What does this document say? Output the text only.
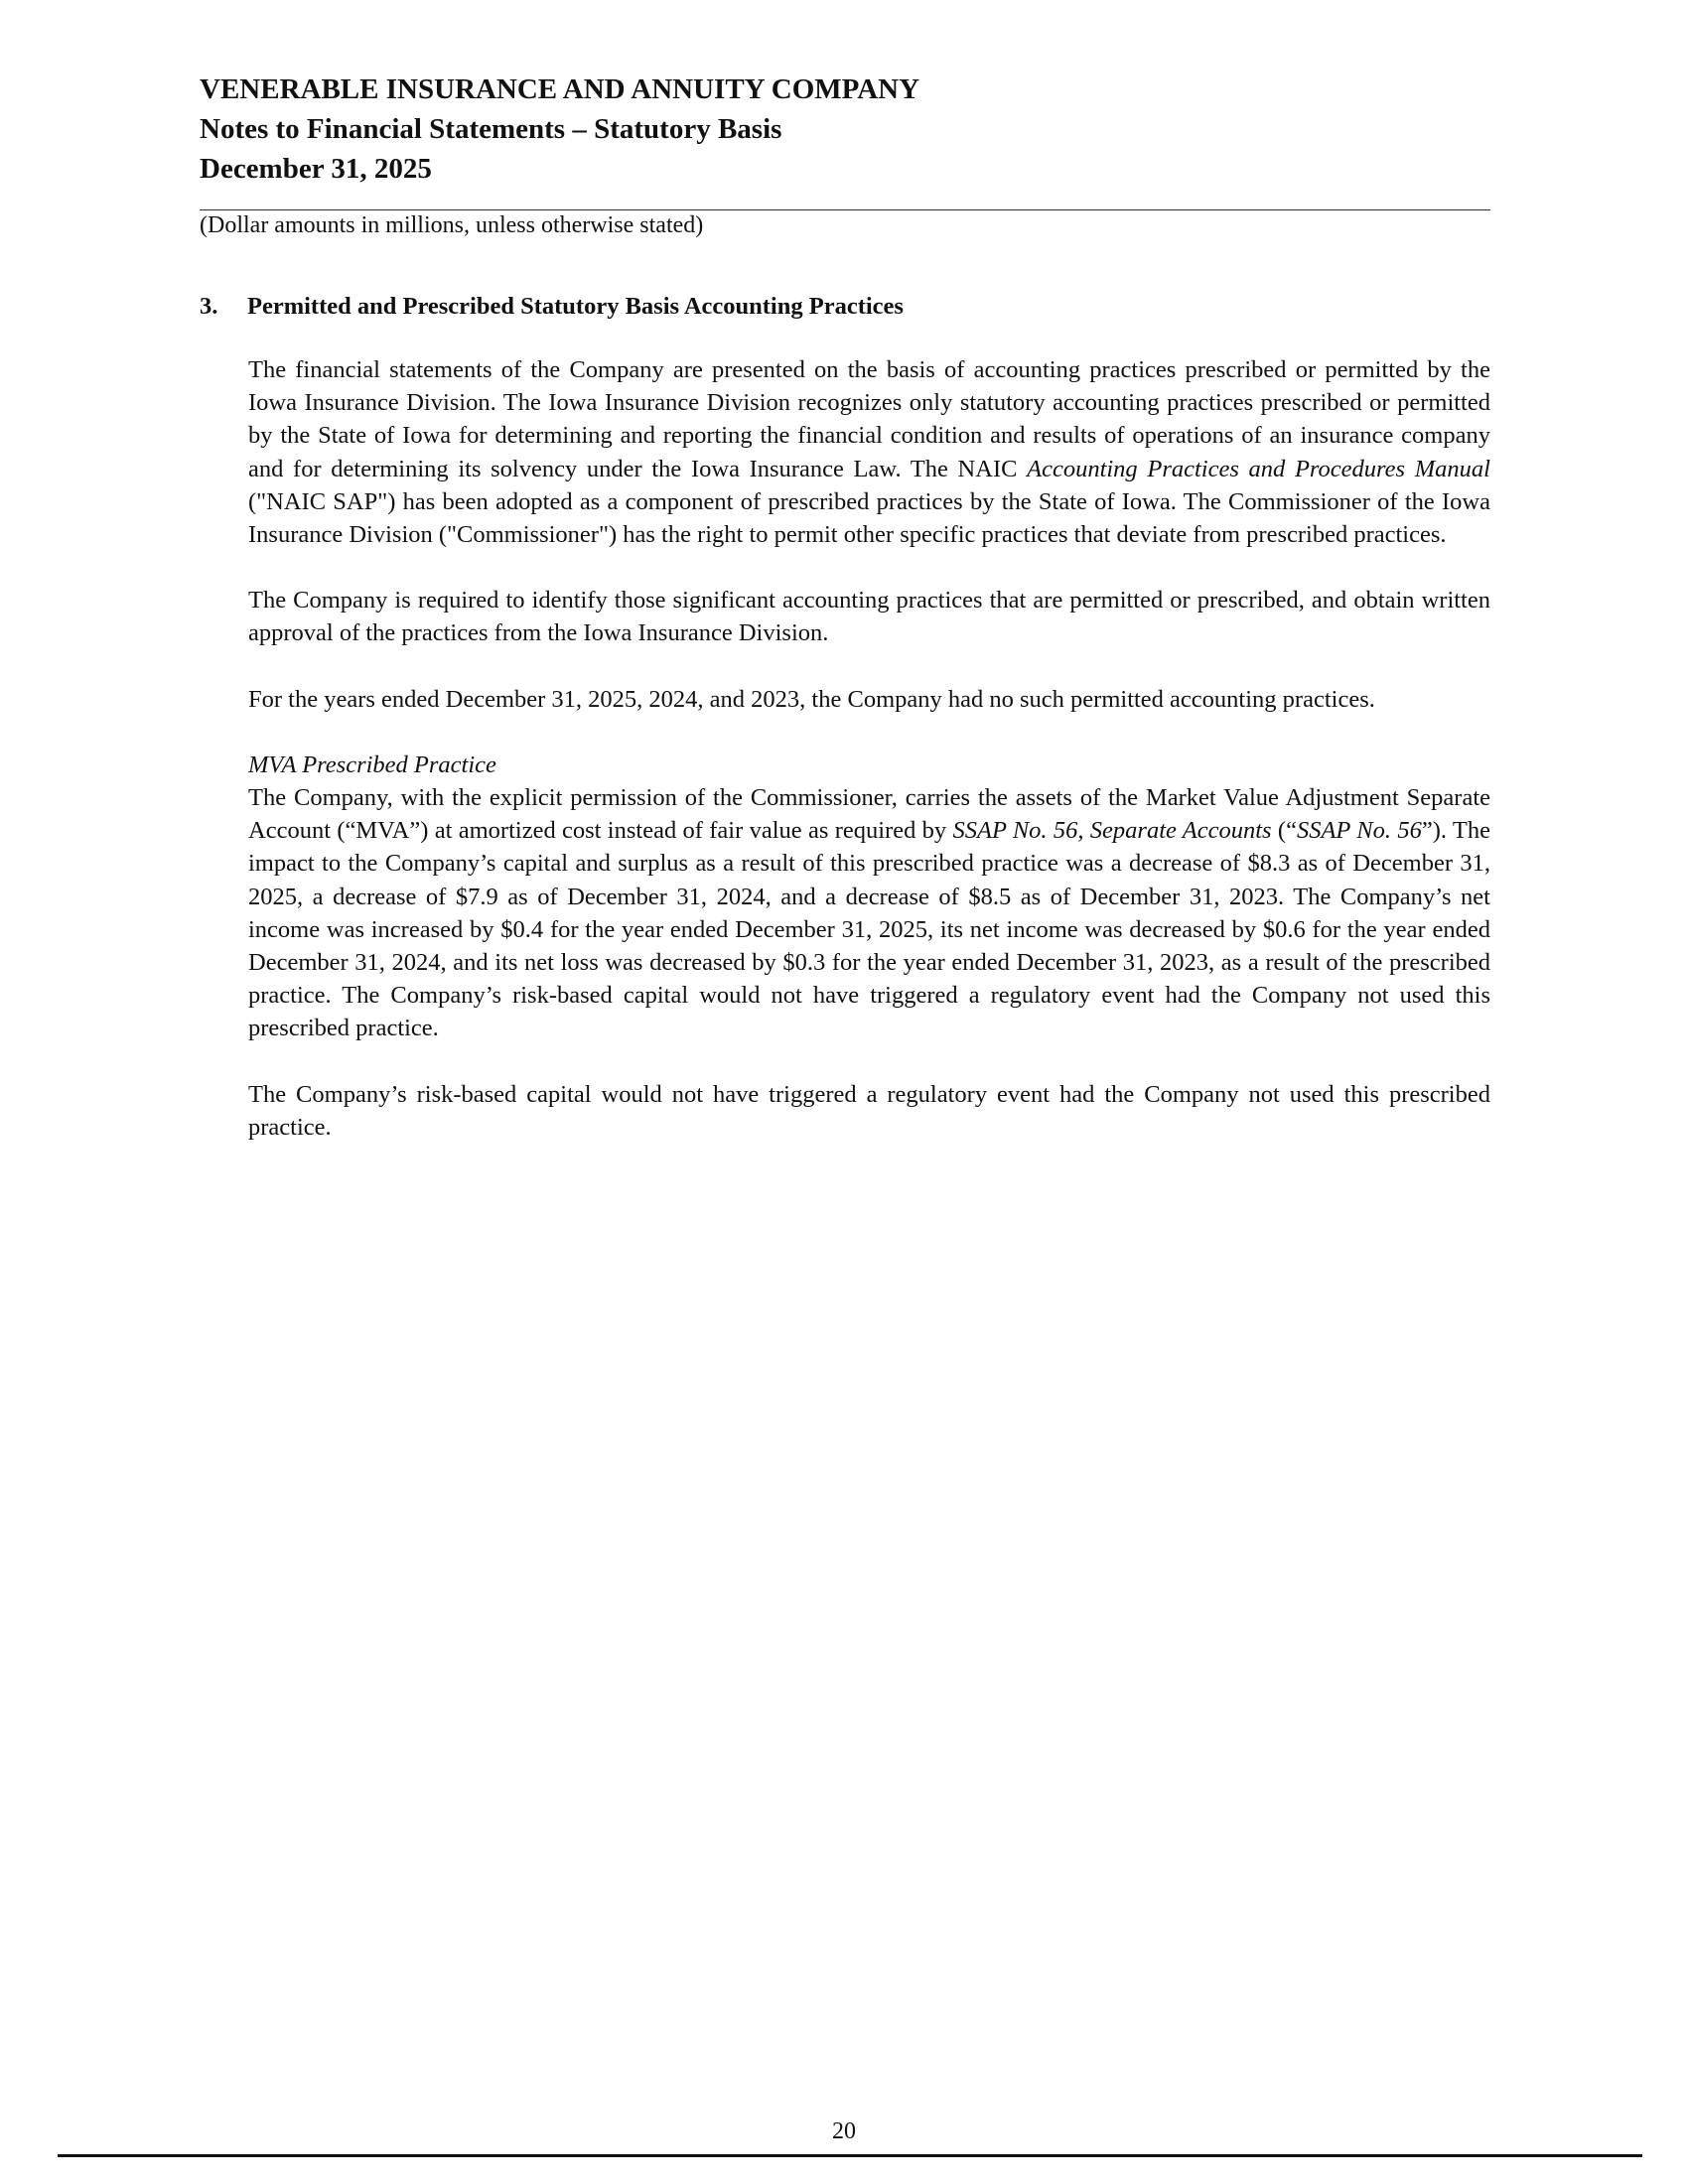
VENERABLE INSURANCE AND ANNUITY COMPANY
Notes to Financial Statements – Statutory Basis
December 31, 2025
(Dollar amounts in millions, unless otherwise stated)
3. Permitted and Prescribed Statutory Basis Accounting Practices

The financial statements of the Company are presented on the basis of accounting practices prescribed or permitted by the Iowa Insurance Division. The Iowa Insurance Division recognizes only statutory accounting practices prescribed or permitted by the State of Iowa for determining and reporting the financial condition and results of operations of an insurance company and for determining its solvency under the Iowa Insurance Law. The NAIC Accounting Practices and Procedures Manual ("NAIC SAP") has been adopted as a component of prescribed practices by the State of Iowa. The Commissioner of the Iowa Insurance Division ("Commissioner") has the right to permit other specific practices that deviate from prescribed practices.

The Company is required to identify those significant accounting practices that are permitted or prescribed, and obtain written approval of the practices from the Iowa Insurance Division.

For the years ended December 31, 2025, 2024, and 2023, the Company had no such permitted accounting practices.

MVA Prescribed Practice
The Company, with the explicit permission of the Commissioner, carries the assets of the Market Value Adjustment Separate Account (“MVA”) at amortized cost instead of fair value as required by SSAP No. 56, Separate Accounts (“SSAP No. 56”). The impact to the Company’s capital and surplus as a result of this prescribed practice was a decrease of $8.3 as of December 31, 2025, a decrease of $7.9 as of December 31, 2024, and a decrease of $8.5 as of December 31, 2023. The Company’s net income was increased by $0.4 for the year ended December 31, 2025, its net income was decreased by $0.6 for the year ended December 31, 2024, and its net loss was decreased by $0.3 for the year ended December 31, 2023, as a result of the prescribed practice. The Company’s risk-based capital would not have triggered a regulatory event had the Company not used this prescribed practice.

The Company’s risk-based capital would not have triggered a regulatory event had the Company not used this prescribed practice.

20
